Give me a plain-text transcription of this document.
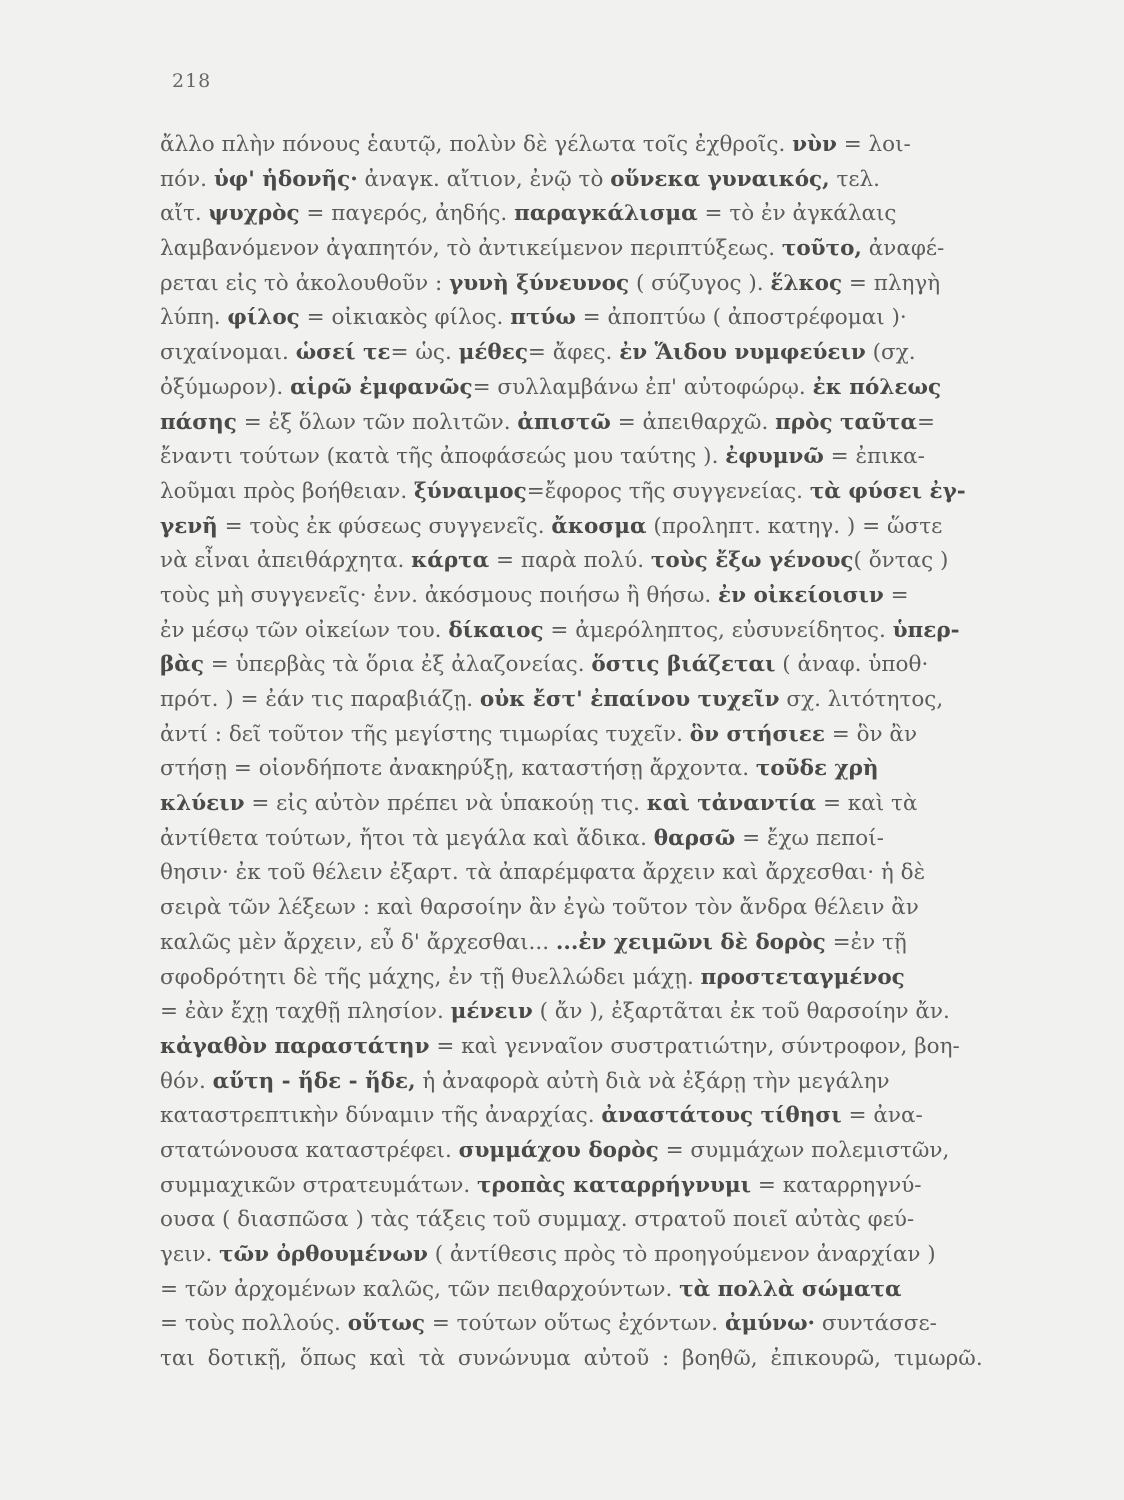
218
ἄλλο πλὴν πόνους ἑαυτῷ, πολὺν δὲ γέλωτα τοῖς ἐχθροῖς. νὺν = λοι-
πόν. ὑφ' ἡδονῆς· ἀναγκ. αἴτιον, ἐνῷ τὸ οὕνεκα γυναικός, τελ.
αἴτ. ψυχρὸς = παγερός, ἀηδής. παραγκάλισμα = τὸ ἐν ἀγκάλαις
λαμβανόμενον ἀγαπητόν, τὸ ἀντικείμενον περιπτύξεως. τοῦτο, ἀναφέ-
ρεται εἰς τὸ ἀκολουθοῦν : γυνὴ ξύνευνος ( σύζυγος ). ἕλκος = πληγὴ
λύπη. φίλος = οἰκιακὸς φίλος. πτύω = ἀποπτύω ( ἀποστρέφομαι )·
σιχαίνομαι. ὡσεί τε= ὡς. μέθες= ἄφες. ἐν Ἅιδου νυμφεύειν (σχ.
ὀξύμωρον). αἱρῶ ἐμφανῶς= συλλαμβάνω ἐπ' αὐτοφώρῳ. ἐκ πόλεως
πάσης = ἐξ ὅλων τῶν πολιτῶν. ἀπιστῶ = ἀπειθαρχῶ. πρὸς ταῦτα=
ἔναντι τούτων (κατὰ τῆς ἀποφάσεώς μου ταύτης ). ἐφυμνῶ = ἐπικα-
λοῦμαι πρὸς βοήθειαν. ξύναιμος=ἔφορος τῆς συγγενείας. τὰ φύσει ἐγ-
γενῆ = τοὺς ἐκ φύσεως συγγενεῖς. ἄκοσμα (προληπτ. κατηγ. ) = ὥστε
νὰ εἶναι ἀπειθάρχητα. κάρτα = παρὰ πολύ. τοὺς ἔξω γένους( ὄντας )
τοὺς μὴ συγγενεῖς· ἐνν. ἀκόσμους ποιήσω ἢ θήσω. ἐν οἰκείοισιν =
ἐν μέσῳ τῶν οἰκείων του. δίκαιος = ἀμερόληπτος, εὐσυνείδητος. ὑπερ-
βὰς = ὑπερβὰς τὰ ὅρια ἐξ ἀλαζονείας. ὅστις βιάζεται ( ἀναφ. ὑποθ·
πρότ. ) = ἐάν τις παραβιάζῃ. οὐκ ἔστ' ἐπαίνου τυχεῖν σχ. λιτότητος,
ἀντί : δεῖ τοῦτον τῆς μεγίστης τιμωρίας τυχεῖν. ὃν στήσιεε = ὃν ἂν
στήσῃ = οἱονδήποτε ἀνακηρύξῃ, καταστήσῃ ἄρχοντα. τοῦδε χρὴ
κλύειν = εἰς αὐτὸν πρέπει νὰ ὑπακούῃ τις. καὶ τἀναντία = καὶ τὰ
ἀντίθετα τούτων, ἤτοι τὰ μεγάλα καὶ ἄδικα. θαρσῶ = ἔχω πεποί-
θησιν· ἐκ τοῦ θέλειν ἐξαρτ. τὰ ἀπαρέμφατα ἄρχειν καὶ ἄρχεσθαι· ἡ δὲ
σειρὰ τῶν λέξεων : καὶ θαρσοίην ἂν ἐγὼ τοῦτον τὸν ἄνδρα θέλειν ἂν
καλῶς μὲν ἄρχειν, εὖ δ' ἄρχεσθαι... ...ἐν χειμῶνι δὲ δορὸς =ἐν τῇ
σφοδρότητι δὲ τῆς μάχης, ἐν τῇ θυελλώδει μάχῃ. προστεταγμένος
= ἐὰν ἔχῃ ταχθῇ πλησίον. μένειν ( ἄν ), ἐξαρτᾶται ἐκ τοῦ θαρσοίην ἄν.
κἀγαθὸν παραστάτην = καὶ γενναῖον συστρατιώτην, σύντροφον, βοη-
θόν. αὕτη - ἥδε - ἥδε, ἡ ἀναφορὰ αὐτὴ διὰ νὰ ἐξάρῃ τὴν μεγάλην
καταστρεπτικὴν δύναμιν τῆς ἀναρχίας. ἀναστάτους τίθησι = ἀνα-
στατώνουσα καταστρέφει. συμμάχου δορὸς = συμμάχων πολεμιστῶν,
συμμαχικῶν στρατευμάτων. τροπὰς καταρρήγνυμι = καταρρηγνύ-
ουσα ( διασπῶσα ) τὰς τάξεις τοῦ συμμαχ. στρατοῦ ποιεῖ αὐτὰς φεύ-
γειν. τῶν ὀρθουμένων ( ἀντίθεσις πρὸς τὸ προηγούμενον ἀναρχίαν )
= τῶν ἀρχομένων καλῶς, τῶν πειθαρχούντων. τὰ πολλὰ σώματα
= τοὺς πολλούς. οὕτως = τούτων οὕτως ἐχόντων. ἀμύνω· συντάσσε-
ται δοτικῇ, ὅπως καὶ τὰ συνώνυμα αὐτοῦ : βοηθῶ, ἐπικουρῶ, τιμωρῶ.
